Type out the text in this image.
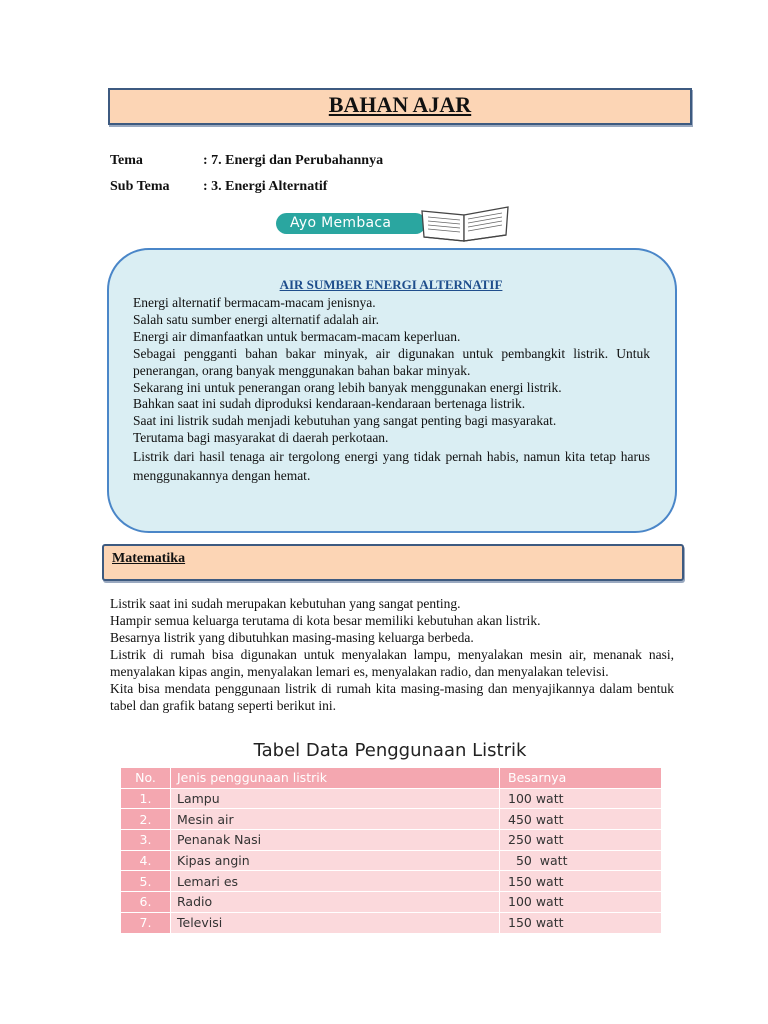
BAHAN AJAR
Tema	: 7. Energi dan Perubahannya
Sub Tema : 3. Energi Alternatif
Ayo Membaca
AIR SUMBER ENERGI ALTERNATIF

Energi alternatif bermacam-macam jenisnya.

Salah satu sumber energi alternatif adalah air.

Energi air dimanfaatkan untuk bermacam-macam keperluan.

Sebagai pengganti bahan bakar minyak, air digunakan untuk pembangkit listrik. Untuk penerangan, orang banyak menggunakan bahan bakar minyak.

Sekarang ini untuk penerangan orang lebih banyak menggunakan energi listrik.

Bahkan saat ini sudah diproduksi kendaraan-kendaraan bertenaga listrik.

Saat ini listrik sudah menjadi kebutuhan yang sangat penting bagi masyarakat.

Terutama bagi masyarakat di daerah perkotaan.

Listrik dari hasil tenaga air tergolong energi yang tidak pernah habis, namun kita tetap harus menggunakannya dengan hemat.

Matematika

Listrik saat ini sudah merupakan kebutuhan yang sangat penting.

Hampir semua keluarga terutama di kota besar memiliki kebutuhan akan listrik.

Besarnya listrik yang dibutuhkan masing-masing keluarga berbeda.

Listrik di rumah bisa digunakan untuk menyalakan lampu, menyalakan mesin air, menanak nasi, menyalakan kipas angin, menyalakan lemari es, menyalakan radio, dan menyalakan televisi.

Kita bisa mendata penggunaan listrik di rumah kita masing-masing dan menyajikannya dalam bentuk tabel dan grafik batang seperti berikut ini.

Tabel Data Penggunaan Listrik
No.	Jenis penggunaan listrik	Besarnya
1.	Lampu	100 watt
2.	Mesin air	450 watt
3.	Penanak Nasi	250 watt
4.	Kipas angin	50  watt
5.	Lemari es	150 watt
6.	Radio	100 watt
7.	Televisi	150 watt
